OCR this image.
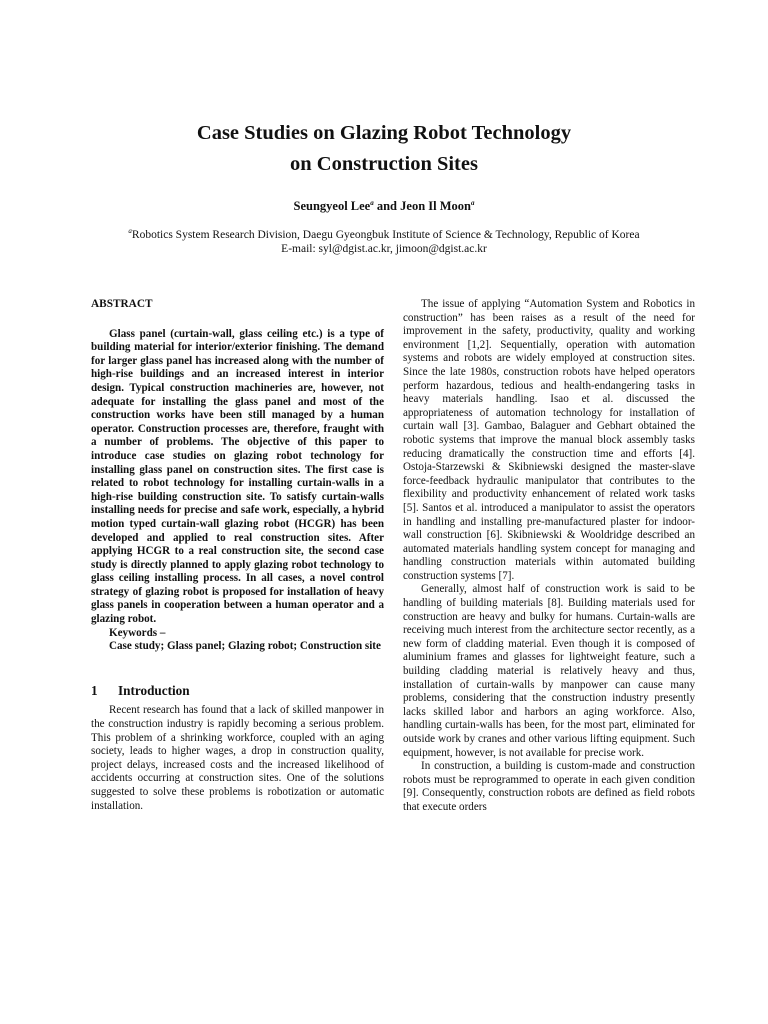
Case Studies on Glazing Robot Technology
on Construction Sites
Seungyeol Lee$^a$ and Jeon Il Moon$^a$
$^a$Robotics System Research Division, Daegu Gyeongbuk Institute of Science & Technology, Republic of Korea
E-mail: syl@dgist.ac.kr, jimoon@dgist.ac.kr
ABSTRACT

Glass panel (curtain-wall, glass ceiling etc.) is a type of building material for interior/exterior finishing. The demand for larger glass panel has increased along with the number of high-rise buildings and an increased interest in interior design. Typical construction machineries are, however, not adequate for installing the glass panel and most of the construction works have been still managed by a human operator. Construction processes are, therefore, fraught with a number of problems. The objective of this paper to introduce case studies on glazing robot technology for installing glass panel on construction sites. The first case is related to robot technology for installing curtain-walls in a high-rise building construction site. To satisfy curtain-walls installing needs for precise and safe work, especially, a hybrid motion typed curtain-wall glazing robot (HCGR) has been developed and applied to real construction sites. After applying HCGR to a real construction site, the second case study is directly planned to apply glazing robot technology to glass ceiling installing process. In all cases, a novel control strategy of glazing robot is proposed for installation of heavy glass panels in cooperation between a human operator and a glazing robot.

Keywords –
Case study; Glass panel; Glazing robot; Construction site
1	Introduction

Recent research has found that a lack of skilled manpower in the construction industry is rapidly becoming a serious problem. This problem of a shrinking workforce, coupled with an aging society, leads to higher wages, a drop in construction quality, project delays, increased costs and the increased likelihood of accidents occurring at construction sites. One of the solutions suggested to solve these problems is robotization or automatic installation.

The issue of applying “Automation System and Robotics in construction” has been raises as a result of the need for improvement in the safety, productivity, quality and working environment [1,2]. Sequentially, operation with automation systems and robots are widely employed at construction sites. Since the late 1980s, construction robots have helped operators perform hazardous, tedious and health-endangering tasks in heavy materials handling. Isao et al. discussed the appropriateness of automation technology for installation of curtain wall [3]. Gambao, Balaguer and Gebhart obtained the robotic systems that improve the manual block assembly tasks reducing dramatically the construction time and efforts [4]. Ostoja-Starzewski & Skibniewski designed the master-slave force-feedback hydraulic manipulator that contributes to the flexibility and productivity enhancement of related work tasks [5]. Santos et al. introduced a manipulator to assist the operators in handling and installing pre-manufactured plaster for indoor-wall construction [6]. Skibniewski & Wooldridge described an automated materials handling system concept for managing and handling construction materials within automated building construction systems [7].

Generally, almost half of construction work is said to be handling of building materials [8]. Building materials used for construction are heavy and bulky for humans. Curtain-walls are receiving much interest from the architecture sector recently, as a new form of cladding material. Even though it is composed of aluminium frames and glasses for lightweight feature, such a building cladding material is relatively heavy and thus, installation of curtain-walls by manpower can cause many problems, considering that the construction industry presently lacks skilled labor and harbors an aging workforce. Also, handling curtain-walls has been, for the most part, eliminated for outside work by cranes and other various lifting equipment. Such equipment, however, is not available for precise work.

In construction, a building is custom-made and construction robots must be reprogrammed to operate in each given condition [9]. Consequently, construction robots are defined as field robots that execute orders
